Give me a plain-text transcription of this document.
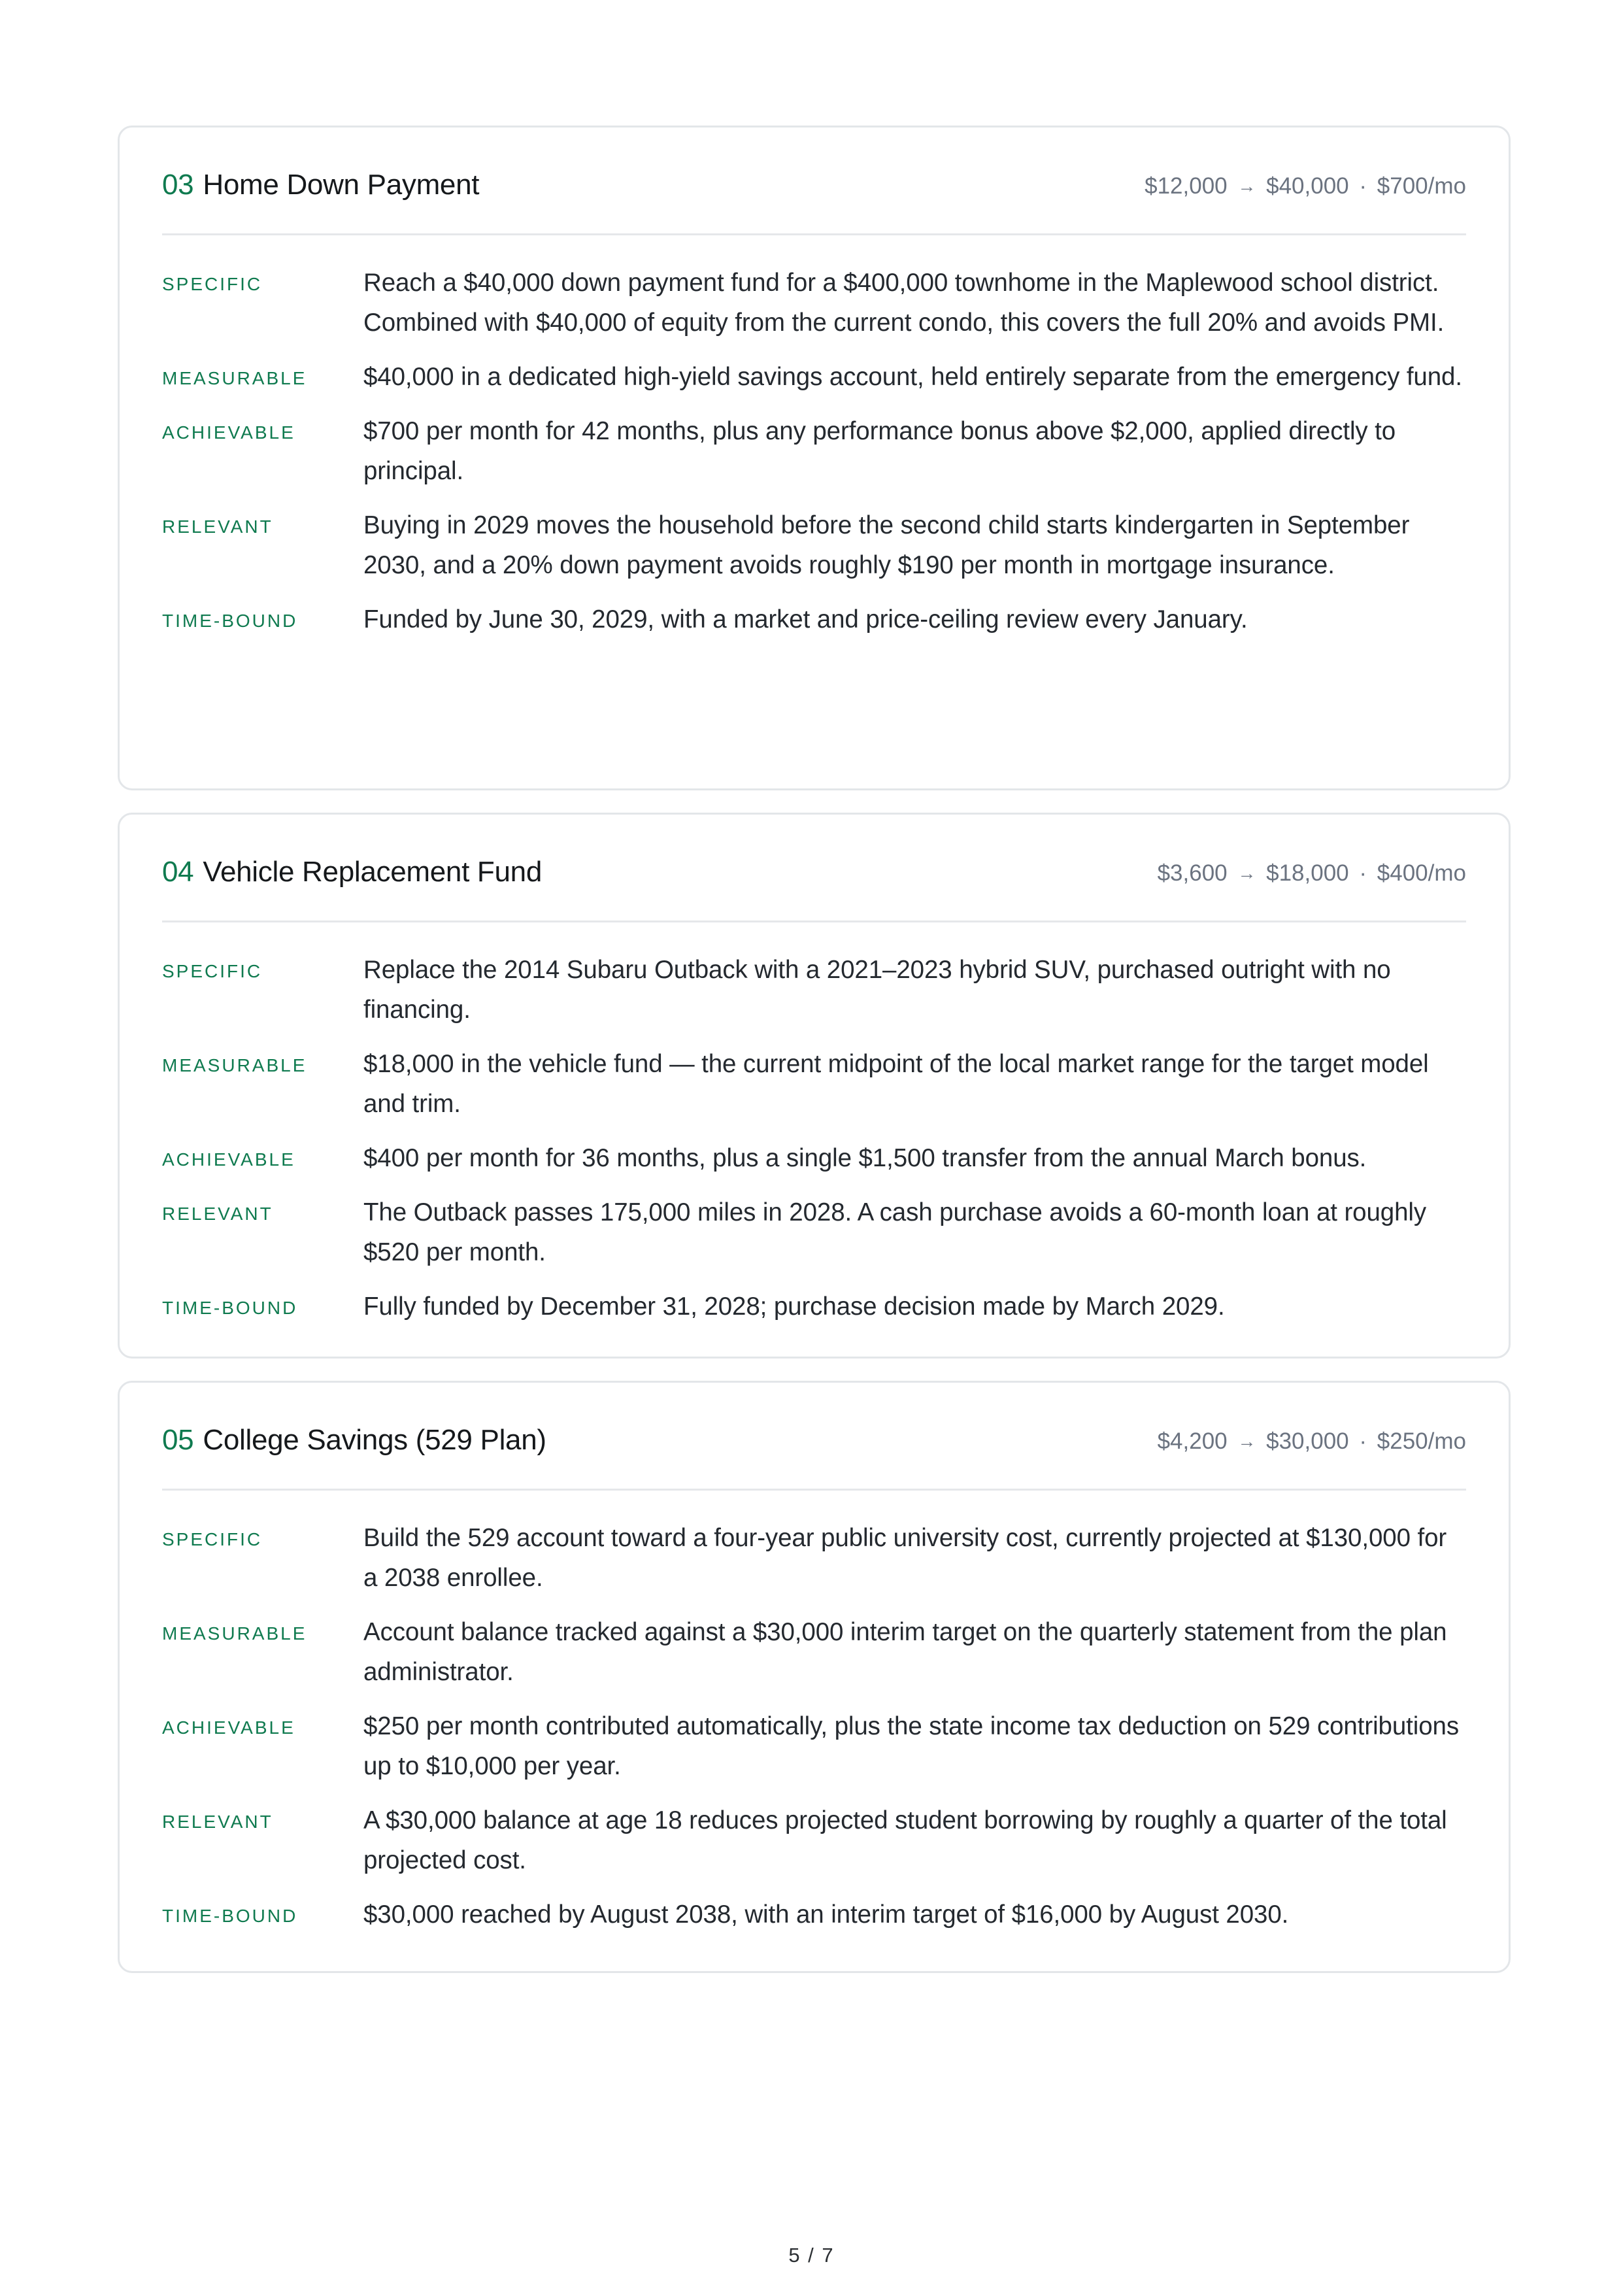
03 Home Down Payment	$12,000 → $40,000 · $700/mo
SPECIFIC	Reach a $40,000 down payment fund for a $400,000 townhome in the Maplewood school district. Combined with $40,000 of equity from the current condo, this covers the full 20% and avoids PMI.
MEASURABLE	$40,000 in a dedicated high-yield savings account, held entirely separate from the emergency fund.
ACHIEVABLE	$700 per month for 42 months, plus any performance bonus above $2,000, applied directly to principal.
RELEVANT	Buying in 2029 moves the household before the second child starts kindergarten in September 2030, and a 20% down payment avoids roughly $190 per month in mortgage insurance.
TIME-BOUND	Funded by June 30, 2029, with a market and price-ceiling review every January.
04 Vehicle Replacement Fund	$3,600 → $18,000 · $400/mo
SPECIFIC	Replace the 2014 Subaru Outback with a 2021–2023 hybrid SUV, purchased outright with no financing.
MEASURABLE	$18,000 in the vehicle fund — the current midpoint of the local market range for the target model and trim.
ACHIEVABLE	$400 per month for 36 months, plus a single $1,500 transfer from the annual March bonus.
RELEVANT	The Outback passes 175,000 miles in 2028. A cash purchase avoids a 60-month loan at roughly $520 per month.
TIME-BOUND	Fully funded by December 31, 2028; purchase decision made by March 2029.
05 College Savings (529 Plan)	$4,200 → $30,000 · $250/mo
SPECIFIC	Build the 529 account toward a four-year public university cost, currently projected at $130,000 for a 2038 enrollee.
MEASURABLE	Account balance tracked against a $30,000 interim target on the quarterly statement from the plan administrator.
ACHIEVABLE	$250 per month contributed automatically, plus the state income tax deduction on 529 contributions up to $10,000 per year.
RELEVANT	A $30,000 balance at age 18 reduces projected student borrowing by roughly a quarter of the total projected cost.
TIME-BOUND	$30,000 reached by August 2038, with an interim target of $16,000 by August 2030.
5 / 7
